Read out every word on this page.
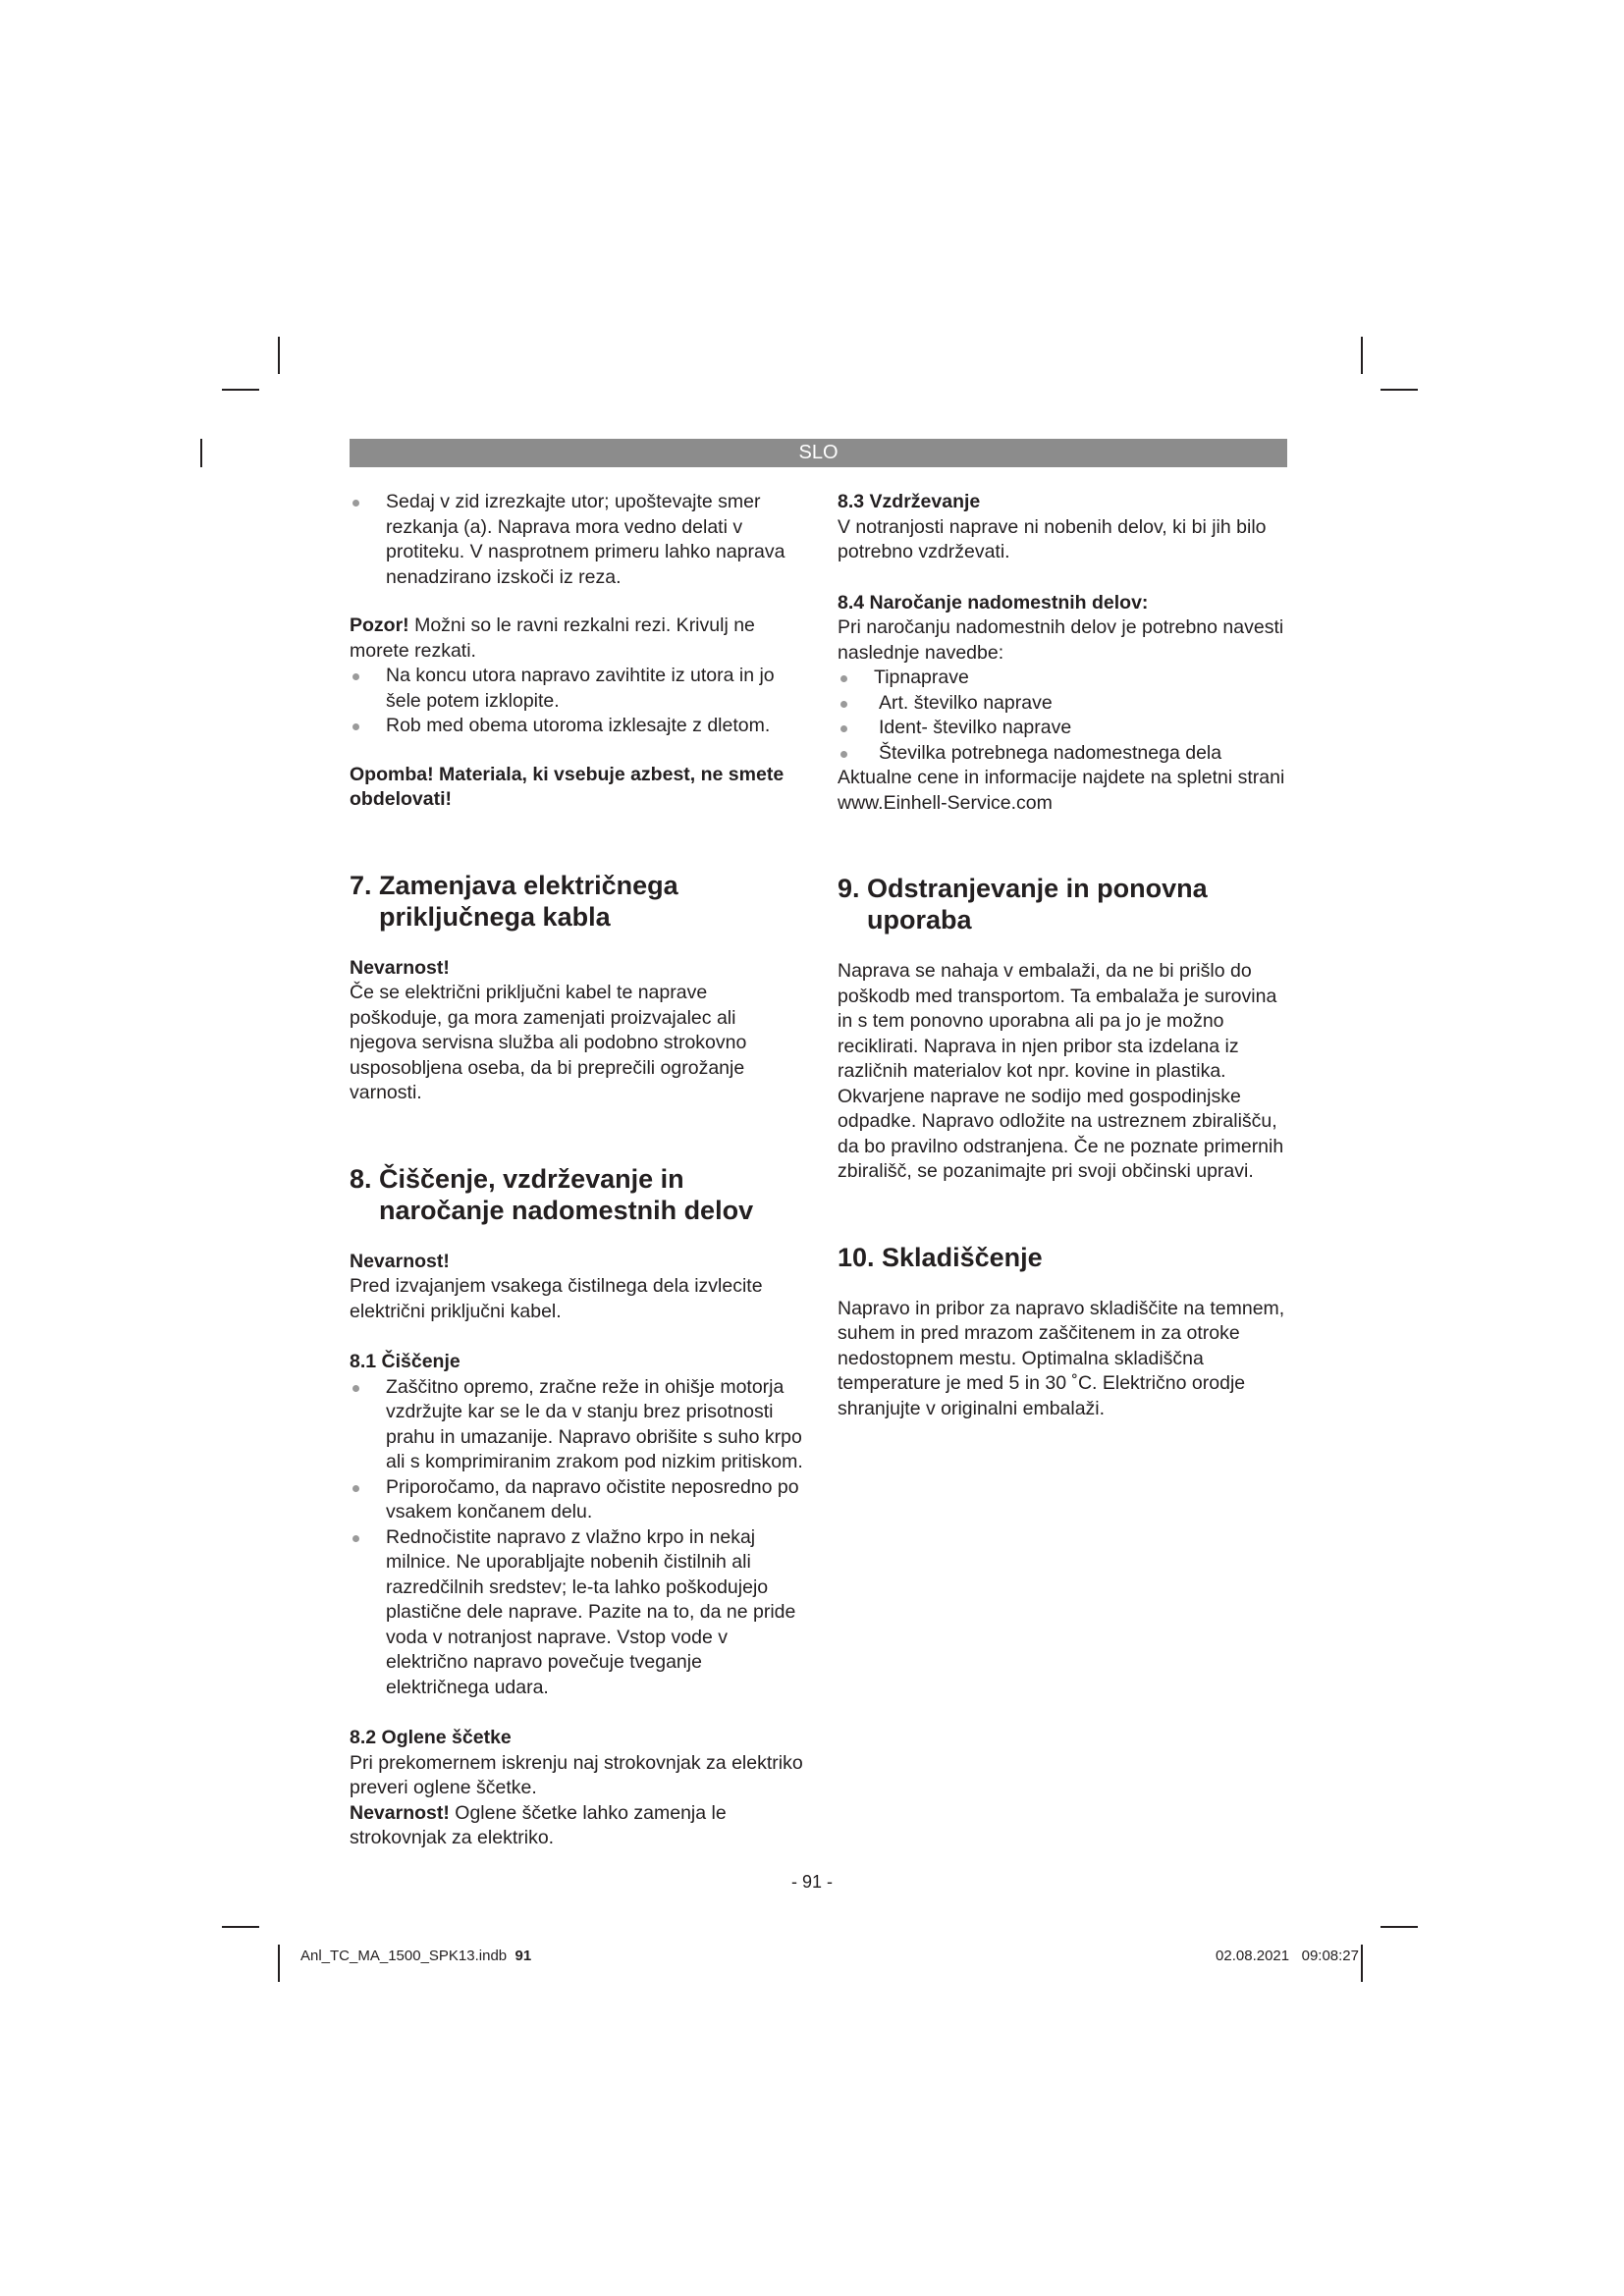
SLO
Sedaj v zid izrezkajte utor; upoštevajte smer rezkanja (a). Naprava mora vedno delati v protiteku. V nasprotnem primeru lahko naprava nenadzirano izskoči iz reza.

Pozor! Možni so le ravni rezkalni rezi. Krivulj ne morete rezkati.

Na koncu utora napravo zavihtite iz utora in jo šele potem izklopite.
Rob med obema utoroma izklesajte z dletom.

Opomba! Materiala, ki vsebuje azbest, ne smete obdelovati!

7. Zamenjava električnega priključnega kabla

Nevarnost!

Če se električni priključni kabel te naprave poškoduje, ga mora zamenjati proizvajalec ali njegova servisna služba ali podobno strokovno usposobljena oseba, da bi preprečili ogrožanje varnosti.

8. Čiščenje, vzdrževanje in naročanje nadomestnih delov

Nevarnost!

Pred izvajanjem vsakega čistilnega dela izvlecite električni priključni kabel.

8.1 Čiščenje

Zaščitno opremo, zračne reže in ohišje motorja vzdržujte kar se le da v stanju brez prisotnosti prahu in umazanije. Napravo obrišite s suho krpo ali s komprimiranim zrakom pod nizkim pritiskom.
Priporočamo, da napravo očistite neposredno po vsakem končanem delu.
Rednočistite napravo z vlažno krpo in nekaj milnice. Ne uporabljajte nobenih čistilnih ali razredčilnih sredstev; le-ta lahko poškodujejo plastične dele naprave. Pazite na to, da ne pride voda v notranjost naprave. Vstop vode v električno napravo povečuje tveganje električnega udara.

8.2 Oglene ščetke

Pri prekomernem iskrenju naj strokovnjak za elektriko preveri oglene ščetke.

Nevarnost! Oglene ščetke lahko zamenja le strokovnjak za elektriko.

8.3 Vzdrževanje

V notranjosti naprave ni nobenih delov, ki bi jih bilo potrebno vzdrževati.

8.4 Naročanje nadomestnih delov:

Pri naročanju nadomestnih delov je potrebno navesti naslednje navedbe:

Tipnaprave
Art. številko naprave
Ident- številko naprave
Številka potrebnega nadomestnega dela

Aktualne cene in informacije najdete na spletni strani www.Einhell-Service.com

9. Odstranjevanje in ponovna uporaba

Naprava se nahaja v embalaži, da ne bi prišlo do poškodb med transportom. Ta embalaža je surovina in s tem ponovno uporabna ali pa jo je možno reciklirati. Naprava in njen pribor sta izdelana iz različnih materialov kot npr. kovine in plastika. Okvarjene naprave ne sodijo med gospodinjske odpadke. Napravo odložite na ustreznem zbirališču, da bo pravilno odstranjena. Če ne poznate primernih zbirališč, se pozanimajte pri svoji občinski upravi.

10. Skladiščenje

Napravo in pribor za napravo skladiščite na temnem, suhem in pred mrazom zaščitenem in za otroke nedostopnem mestu. Optimalna skladiščna temperature je med 5 in 30 ˚C. Električno orodje shranjujte v originalni embalaži.

- 91 -
Anl_TC_MA_1500_SPK13.indb 91	02.08.2021   09:08:27
